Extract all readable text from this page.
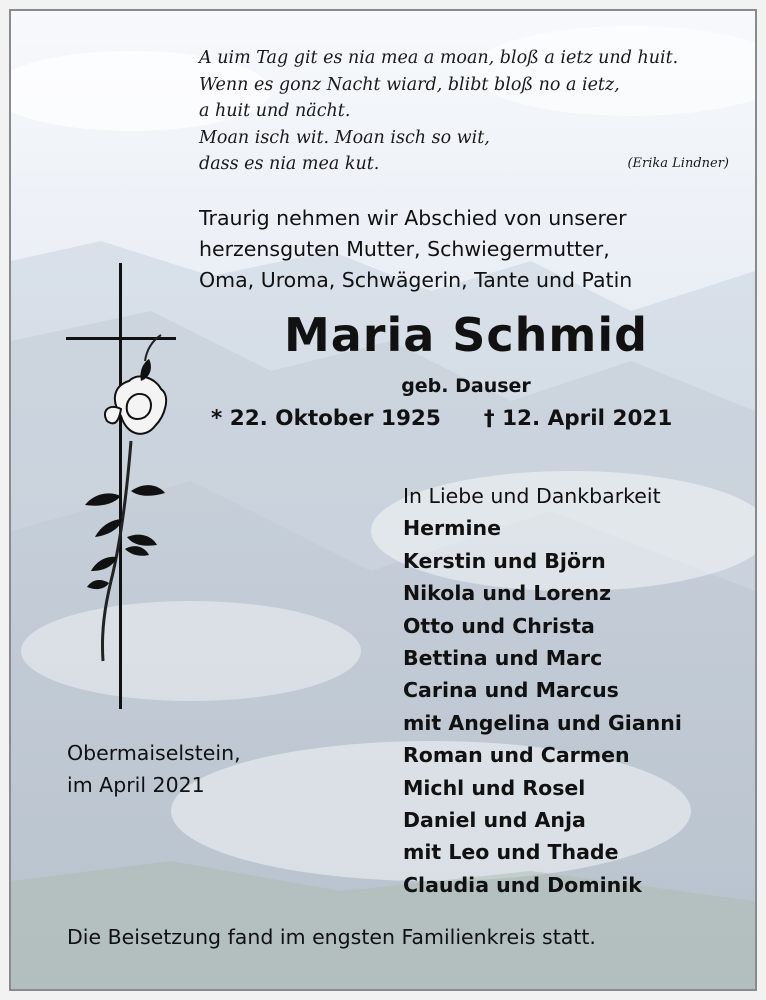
A uim Tag git es nia mea a moan, bloß a ietz und huit.
Wenn es gonz Nacht wiard, blibt bloß no a ietz,
a huit und nächt.
Moan isch wit. Moan isch so wit,
dass es nia mea kut.	(Erika Lindner)
Traurig nehmen wir Abschied von unserer
herzensguten Mutter, Schwiegermutter,
Oma, Uroma, Schwägerin, Tante und Patin
Maria Schmid
geb. Dauser
* 22. Oktober 1925 † 12. April 2021
In Liebe und Dankbarkeit
Hermine
Kerstin und Björn
Nikola und Lorenz
Otto und Christa
Bettina und Marc
Carina und Marcus
mit Angelina und Gianni
Roman und Carmen
Michl und Rosel
Daniel und Anja
mit Leo und Thade
Claudia und Dominik
Obermaiselstein,
im April 2021
Die Beisetzung fand im engsten Familienkreis statt.
